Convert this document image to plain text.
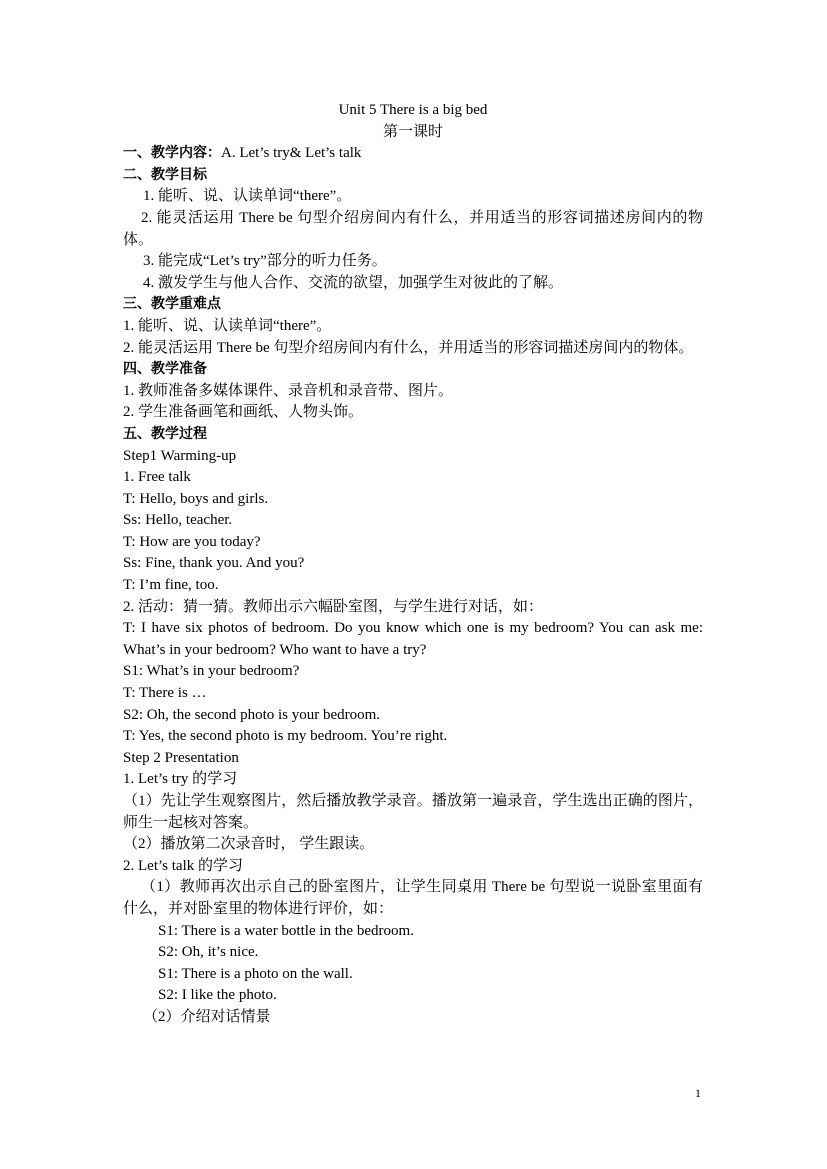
Unit 5 There is a big bed
第一课时
一、教学内容：A. Let’s try& Let’s talk
二、教学目标
1. 能听、说、认读单词“there”。
2. 能灵活运用 There be 句型介绍房间内有什么，并用适当的形容词描述房间内的物体。
3. 能完成“Let’s try”部分的听力任务。
4. 激发学生与他人合作、交流的欲望，加强学生对彼此的了解。
三、教学重难点
1. 能听、说、认读单词“there”。
2. 能灵活运用 There be 句型介绍房间内有什么，并用适当的形容词描述房间内的物体。
四、教学准备
1. 教师准备多媒体课件、录音机和录音带、图片。
2. 学生准备画笔和画纸、人物头饰。
五、教学过程
Step1 Warming-up
1. Free talk
T: Hello, boys and girls.
Ss: Hello, teacher.
T: How are you today?
Ss: Fine, thank you. And you?
T: I’m fine, too.
2. 活动：猜一猜。教师出示六幅卧室图，与学生进行对话，如：
T: I have six photos of bedroom. Do you know which one is my bedroom? You can ask me: What’s in your bedroom? Who want to have a try?
S1: What’s in your bedroom?
T: There is …
S2: Oh, the second photo is your bedroom.
T: Yes, the second photo is my bedroom. You’re right.
Step 2 Presentation
1. Let’s try 的学习
（1）先让学生观察图片，然后播放教学录音。播放第一遍录音，学生选出正确的图片，师生一起核对答案。
（2）播放第二次录音时， 学生跟读。
2. Let’s talk 的学习
（1）教师再次出示自己的卧室图片，让学生同桌用 There be 句型说一说卧室里面有什么，并对卧室里的物体进行评价，如：
S1: There is a water bottle in the bedroom.
S2: Oh, it’s nice.
S1: There is a photo on the wall.
S2: I like the photo.
（2）介绍对话情景
1
